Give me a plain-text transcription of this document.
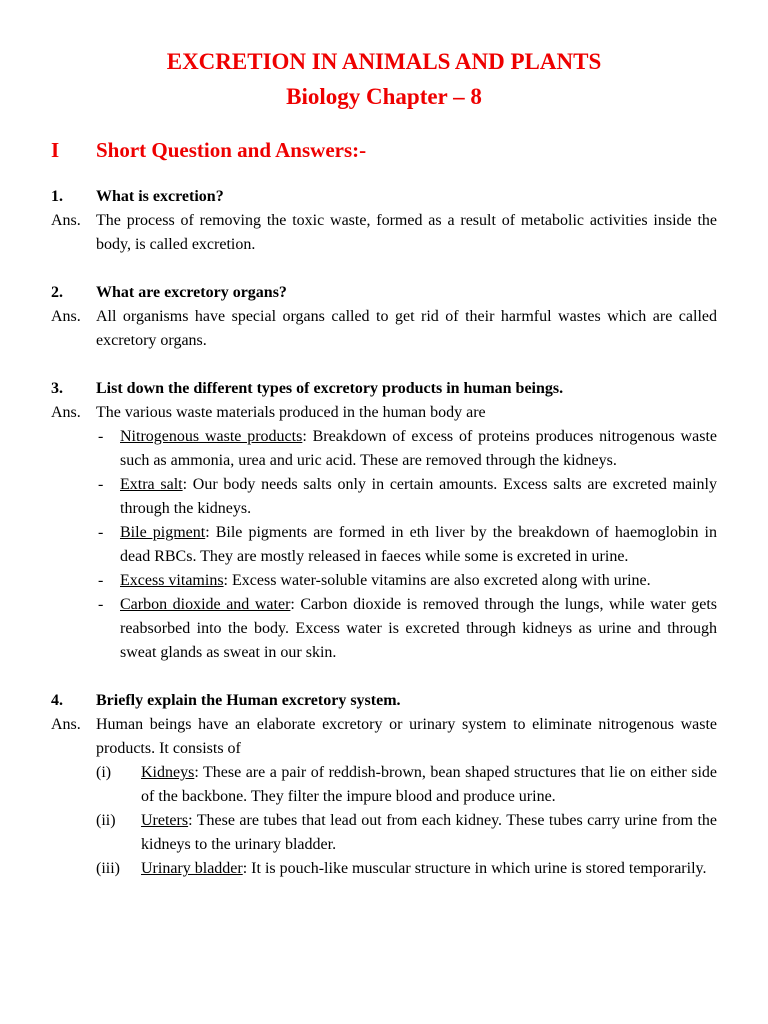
EXCRETION IN ANIMALS AND PLANTS
Biology Chapter – 8
I	Short Question and Answers:-
1.	What is excretion?
Ans. The process of removing the toxic waste, formed as a result of metabolic activities inside the body, is called excretion.
2.	What are excretory organs?
Ans. All organisms have special organs called to get rid of their harmful wastes which are called excretory organs.
3.	List down the different types of excretory products in human beings.
Ans. The various waste materials produced in the human body are
-	Nitrogenous waste products: Breakdown of excess of proteins produces nitrogenous waste such as ammonia, urea and uric acid. These are removed through the kidneys.
-	Extra salt: Our body needs salts only in certain amounts. Excess salts are excreted mainly through the kidneys.
-	Bile pigment: Bile pigments are formed in eth liver by the breakdown of haemoglobin in dead RBCs. They are mostly released in faeces while some is excreted in urine.
-	Excess vitamins: Excess water-soluble vitamins are also excreted along with urine.
-	Carbon dioxide and water: Carbon dioxide is removed through the lungs, while water gets reabsorbed into the body. Excess water is excreted through kidneys as urine and through sweat glands as sweat in our skin.
4.	Briefly explain the Human excretory system.
Ans. Human beings have an elaborate excretory or urinary system to eliminate nitrogenous waste products. It consists of
(i)	Kidneys: These are a pair of reddish-brown, bean shaped structures that lie on either side of the backbone. They filter the impure blood and produce urine.
(ii)	Ureters: These are tubes that lead out from each kidney. These tubes carry urine from the kidneys to the urinary bladder.
(iii)	Urinary bladder: It is pouch-like muscular structure in which urine is stored temporarily.
